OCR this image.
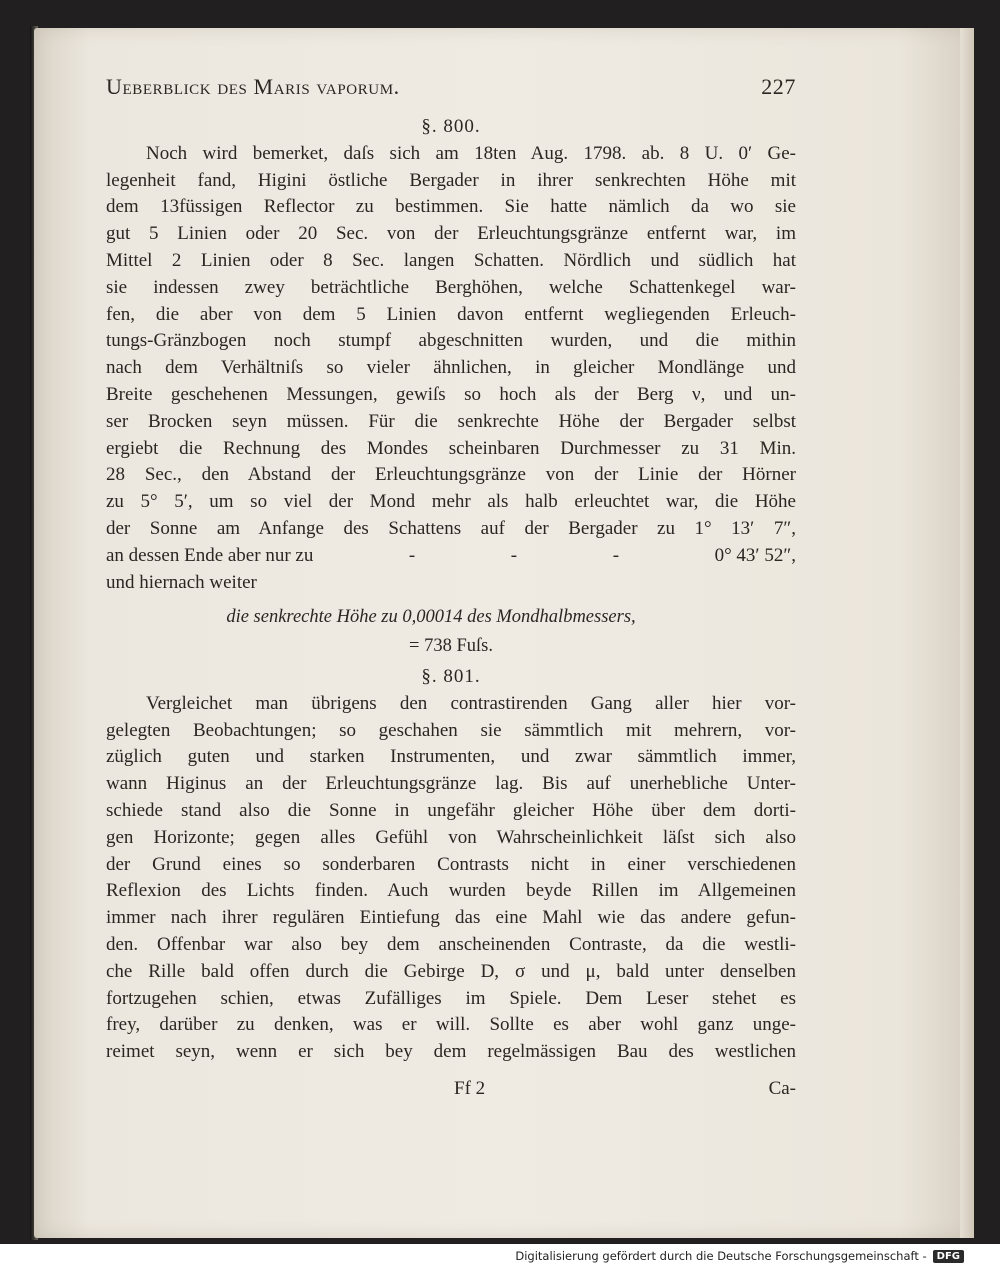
Ueberblick des Maris vaporum.	227
§. 800.
Noch wird bemerket, daſs sich am 18ten Aug. 1798. ab. 8 U. 0′ Ge-
legenheit fand, Higini östliche Bergader in ihrer senkrechten Höhe mit
dem 13füssigen Reflector zu bestimmen. Sie hatte nämlich da wo sie
gut 5 Linien oder 20 Sec. von der Erleuchtungsgränze entfernt war, im
Mittel 2 Linien oder 8 Sec. langen Schatten. Nördlich und südlich hat
sie indessen zwey beträchtliche Berghöhen, welche Schattenkegel war-
fen, die aber von dem 5 Linien davon entfernt wegliegenden Erleuch-
tungs-Gränzbogen noch stumpf abgeschnitten wurden, und die mithin
nach dem Verhältniſs so vieler ähnlichen, in gleicher Mondlänge und
Breite geschehenen Messungen, gewiſs so hoch als der Berg ν, und un-
ser Brocken seyn müssen. Für die senkrechte Höhe der Bergader selbst
ergiebt die Rechnung des Mondes scheinbaren Durchmesser zu 31 Min.
28 Sec., den Abstand der Erleuchtungsgränze von der Linie der Hörner
zu 5° 5′, um so viel der Mond mehr als halb erleuchtet war, die Höhe
der Sonne am Anfange des Schattens auf der Bergader zu 1° 13′ 7″,
an dessen Ende aber nur zu	-	-	-	0° 43′ 52″,
und hiernach weiter
die senkrechte Höhe zu 0,00014 des Mondhalbmessers,
= 738 Fuſs.
§. 801.
Vergleichet man übrigens den contrastirenden Gang aller hier vor-
gelegten Beobachtungen; so geschahen sie sämmtlich mit mehrern, vor-
züglich guten und starken Instrumenten, und zwar sämmtlich immer,
wann Higinus an der Erleuchtungsgränze lag. Bis auf unerhebliche Unter-
schiede stand also die Sonne in ungefähr gleicher Höhe über dem dorti-
gen Horizonte; gegen alles Gefühl von Wahrscheinlichkeit läſst sich also
der Grund eines so sonderbaren Contrasts nicht in einer verschiedenen
Reflexion des Lichts finden. Auch wurden beyde Rillen im Allgemeinen
immer nach ihrer regulären Eintiefung das eine Mahl wie das andere gefun-
den. Offenbar war also bey dem anscheinenden Contraste, da die westli-
che Rille bald offen durch die Gebirge D, σ und μ, bald unter denselben
fortzugehen schien, etwas Zufälliges im Spiele. Dem Leser stehet es
frey, darüber zu denken, was er will. Sollte es aber wohl ganz unge-
reimet seyn, wenn er sich bey dem regelmässigen Bau des westlichen
Ff 2	Ca-
Digitalisierung gefördert durch die Deutsche Forschungsgemeinschaft -	DFG
